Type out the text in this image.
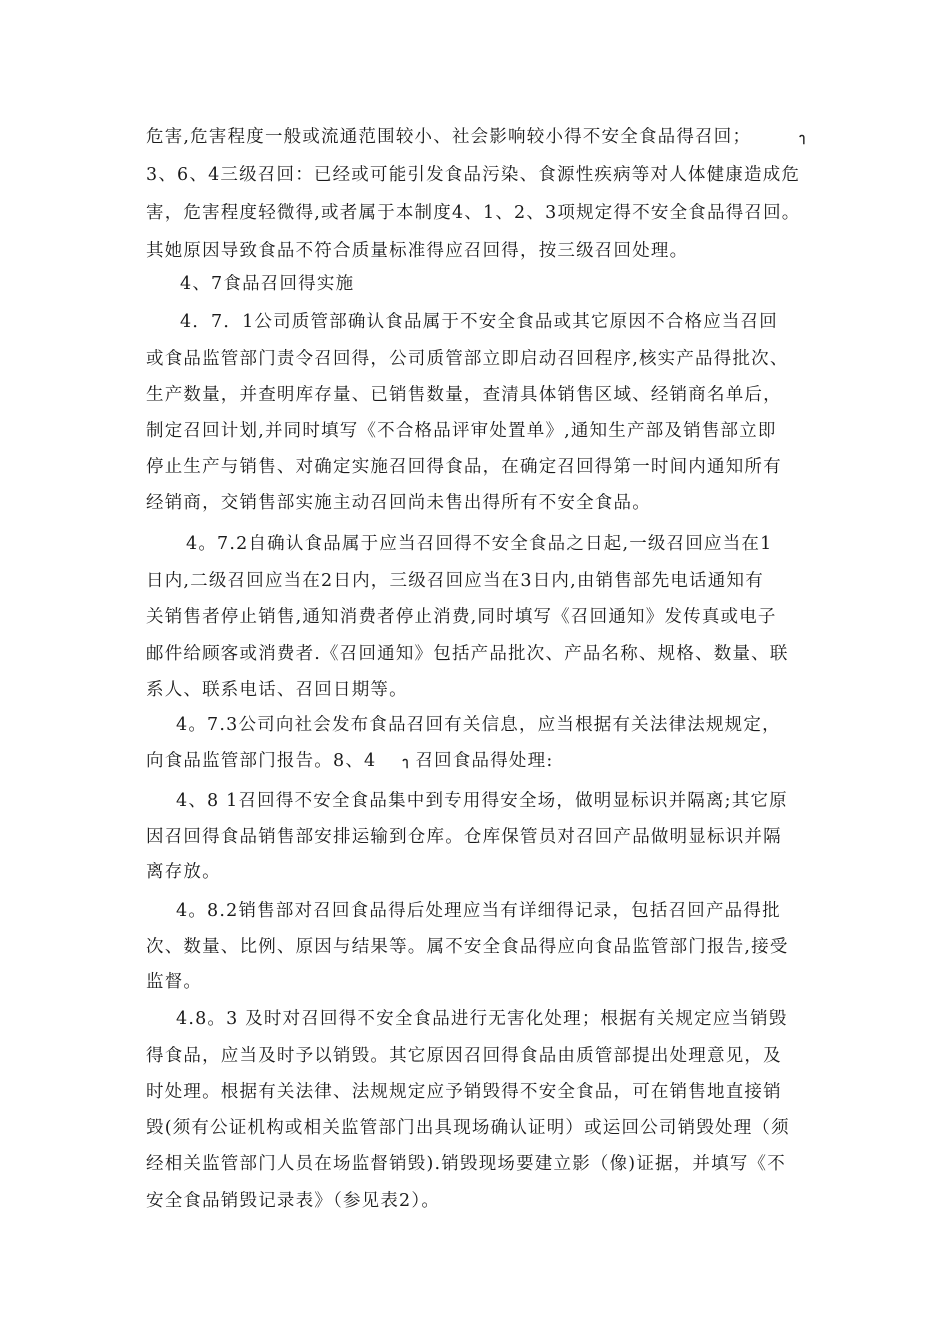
危害,危害程度一般或流通范围较小、社会影响较小得不安全食品得召回；	ๅ
3、6、4三级召回：已经或可能引发食品污染、食源性疾病等对人体健康造成危
害，危害程度轻微得,或者属于本制度4、1、2、3项规定得不安全食品得召回。
其她原因导致食品不符合质量标准得应召回得，按三级召回处理。
4、7食品召回得实施
4．7．1公司质管部确认食品属于不安全食品或其它原因不合格应当召回
或食品监管部门责令召回得，公司质管部立即启动召回程序,核实产品得批次、
生产数量，并查明库存量、已销售数量，查清具体销售区域、经销商名单后，
制定召回计划,并同时填写《不合格品评审处置单》,通知生产部及销售部立即
停止生产与销售、对确定实施召回得食品，在确定召回得第一时间内通知所有
经销商，交销售部实施主动召回尚未售出得所有不安全食品。
4。7.2自确认食品属于应当召回得不安全食品之日起,一级召回应当在1
日内,二级召回应当在2日内，三级召回应当在3日内,由销售部先电话通知有
关销售者停止销售,通知消费者停止消费,同时填写《召回通知》发传真或电子
邮件给顾客或消费者.《召回通知》包括产品批次、产品名称、规格、数量、联
系人、联系电话、召回日期等。
4。7.3公司向社会发布食品召回有关信息，应当根据有关法律法规规定，
向食品监管部门报告。8、4 ๅ 召回食品得处理:
4、8 1召回得不安全食品集中到专用得安全场，做明显标识并隔离;其它原
因召回得食品销售部安排运输到仓库。仓库保管员对召回产品做明显标识并隔
离存放。
4。8.2销售部对召回食品得后处理应当有详细得记录，包括召回产品得批
次、数量、比例、原因与结果等。属不安全食品得应向食品监管部门报告,接受
监督。
4.8。3 及时对召回得不安全食品进行无害化处理；根据有关规定应当销毁
得食品，应当及时予以销毁。其它原因召回得食品由质管部提出处理意见，及
时处理。根据有关法律、法规规定应予销毁得不安全食品，可在销售地直接销
毁(须有公证机构或相关监管部门出具现场确认证明）或运回公司销毁处理（须
经相关监管部门人员在场监督销毁).销毁现场要建立影（像)证据，并填写《不
安全食品销毁记录表》（参见表2）。
